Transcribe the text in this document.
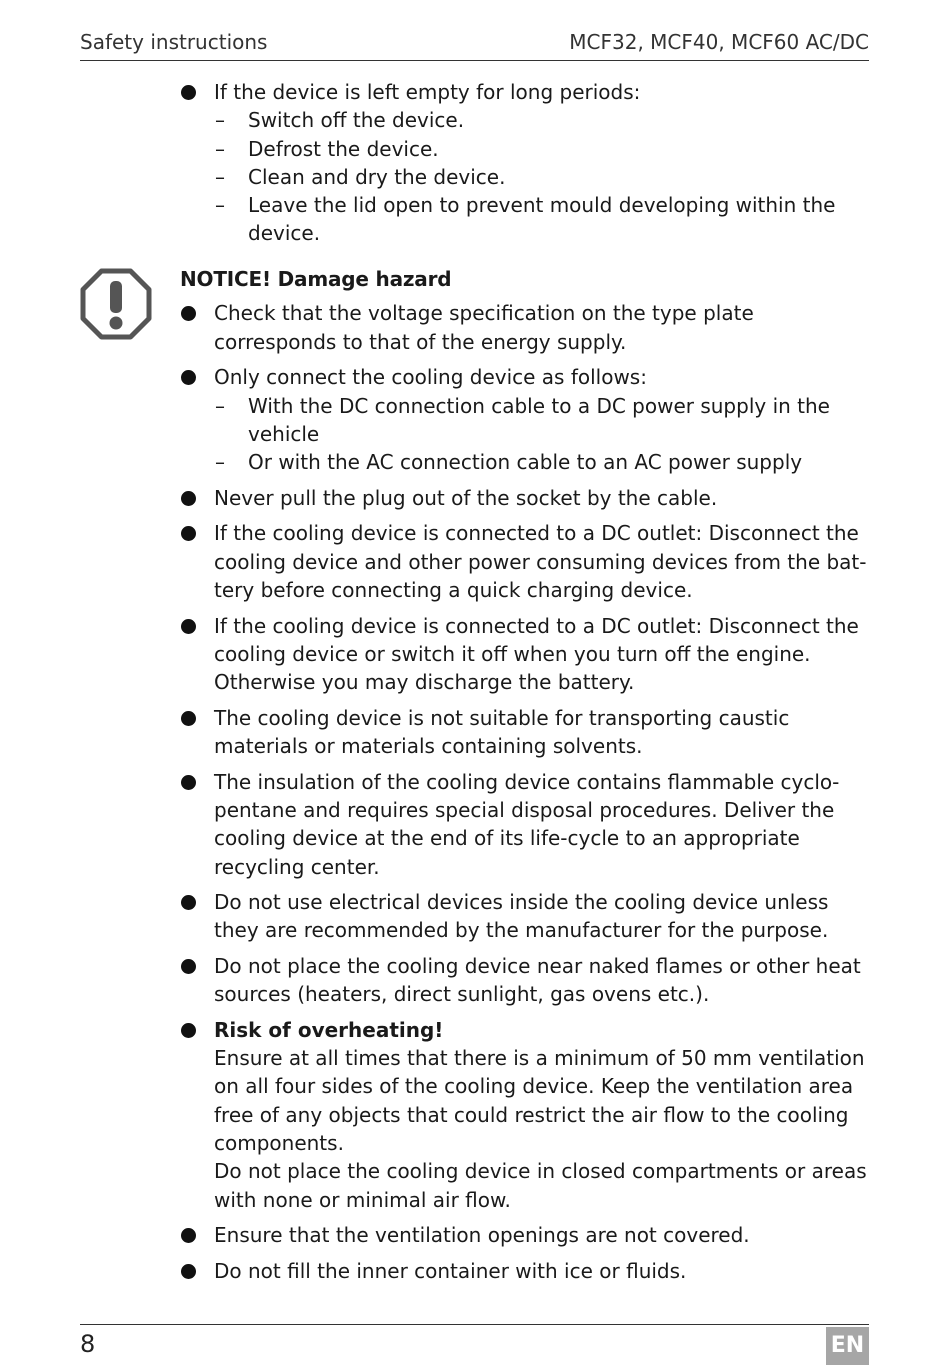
Safety instructions	MCF32, MCF40, MCF60 AC/DC
If the device is left empty for long periods:
– Switch off the device.
– Defrost the device.
– Clean and dry the device.
– Leave the lid open to prevent mould developing within the device.
NOTICE! Damage hazard
Check that the voltage specification on the type plate corresponds to that of the energy supply.
Only connect the cooling device as follows:
– With the DC connection cable to a DC power supply in the vehicle
– Or with the AC connection cable to an AC power supply
Never pull the plug out of the socket by the cable.
If the cooling device is connected to a DC outlet: Disconnect the cooling device and other power consuming devices from the battery before connecting a quick charging device.
If the cooling device is connected to a DC outlet: Disconnect the cooling device or switch it off when you turn off the engine. Otherwise you may discharge the battery.
The cooling device is not suitable for transporting caustic materials or materials containing solvents.
The insulation of the cooling device contains flammable cyclopentane and requires special disposal procedures. Deliver the cooling device at the end of its life-cycle to an appropriate recycling center.
Do not use electrical devices inside the cooling device unless they are recommended by the manufacturer for the purpose.
Do not place the cooling device near naked flames or other heat sources (heaters, direct sunlight, gas ovens etc.).
Risk of overheating!
Ensure at all times that there is a minimum of 50 mm ventilation on all four sides of the cooling device. Keep the ventilation area free of any objects that could restrict the air flow to the cooling components.
Do not place the cooling device in closed compartments or areas with none or minimal air flow.
Ensure that the ventilation openings are not covered.
Do not fill the inner container with ice or fluids.
8	EN
